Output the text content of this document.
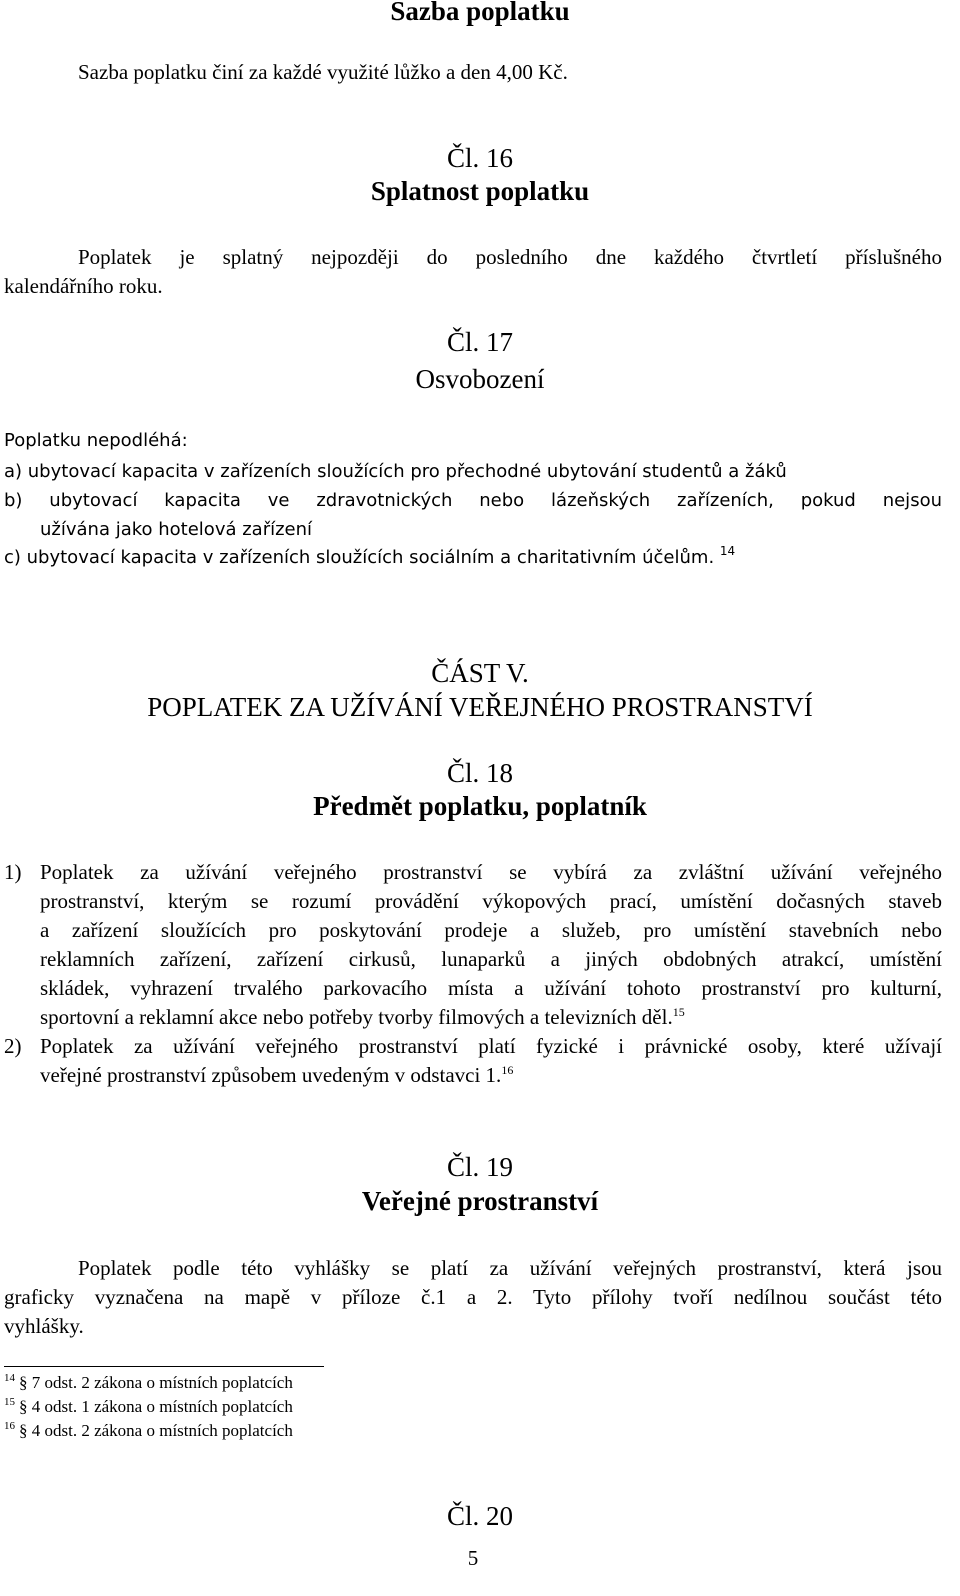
Sazba poplatku
Sazba poplatku činí za každé využité lůžko a den 4,00 Kč.
Čl. 16
Splatnost poplatku
Poplatek je splatný nejpozději do posledního dne každého čtvrtletí příslušného
kalendářního roku.
Čl. 17
Osvobození
Poplatku nepodléhá:
a) ubytovací kapacita v zařízeních sloužících pro přechodné ubytování studentů a žáků
b) ubytovací kapacita ve zdravotnických nebo lázeňských zařízeních, pokud nejsou
užívána jako hotelová zařízení
c) ubytovací kapacita v zařízeních sloužících sociálním a charitativním účelům. $^{14}$
ČÁST V.
POPLATEK ZA UŽÍVÁNÍ VEŘEJNÉHO PROSTRANSTVÍ
Čl. 18
Předmět poplatku, poplatník
1) Poplatek za užívání veřejného prostranství se vybírá za zvláštní užívání veřejného
prostranství, kterým se rozumí provádění výkopových prací, umístění dočasných staveb
a zařízení sloužících pro poskytování prodeje a služeb, pro umístění stavebních nebo
reklamních zařízení, zařízení cirkusů, lunaparků a jiných obdobných atrakcí, umístění
skládek, vyhrazení trvalého parkovacího místa a užívání tohoto prostranství pro kulturní,
sportovní a reklamní akce nebo potřeby tvorby filmových a televizních děl.$^{15}$
2) Poplatek za užívání veřejného prostranství platí fyzické i právnické osoby, které užívají
veřejné prostranství způsobem uvedeným v odstavci 1.16
Čl. 19
Veřejné prostranství
Poplatek podle této vyhlášky se platí za užívání veřejných prostranství, která jsou
graficky vyznačena na mapě v příloze č.1 a 2. Tyto přílohy tvoří nedílnou součást této
vyhlášky.
$^{14}$ § 7 odst. 2 zákona o místních poplatcích
$^{15}$ § 4 odst. 1 zákona o místních poplatcích
$^{16}$ § 4 odst. 2 zákona o místních poplatcích
Čl. 20
5
